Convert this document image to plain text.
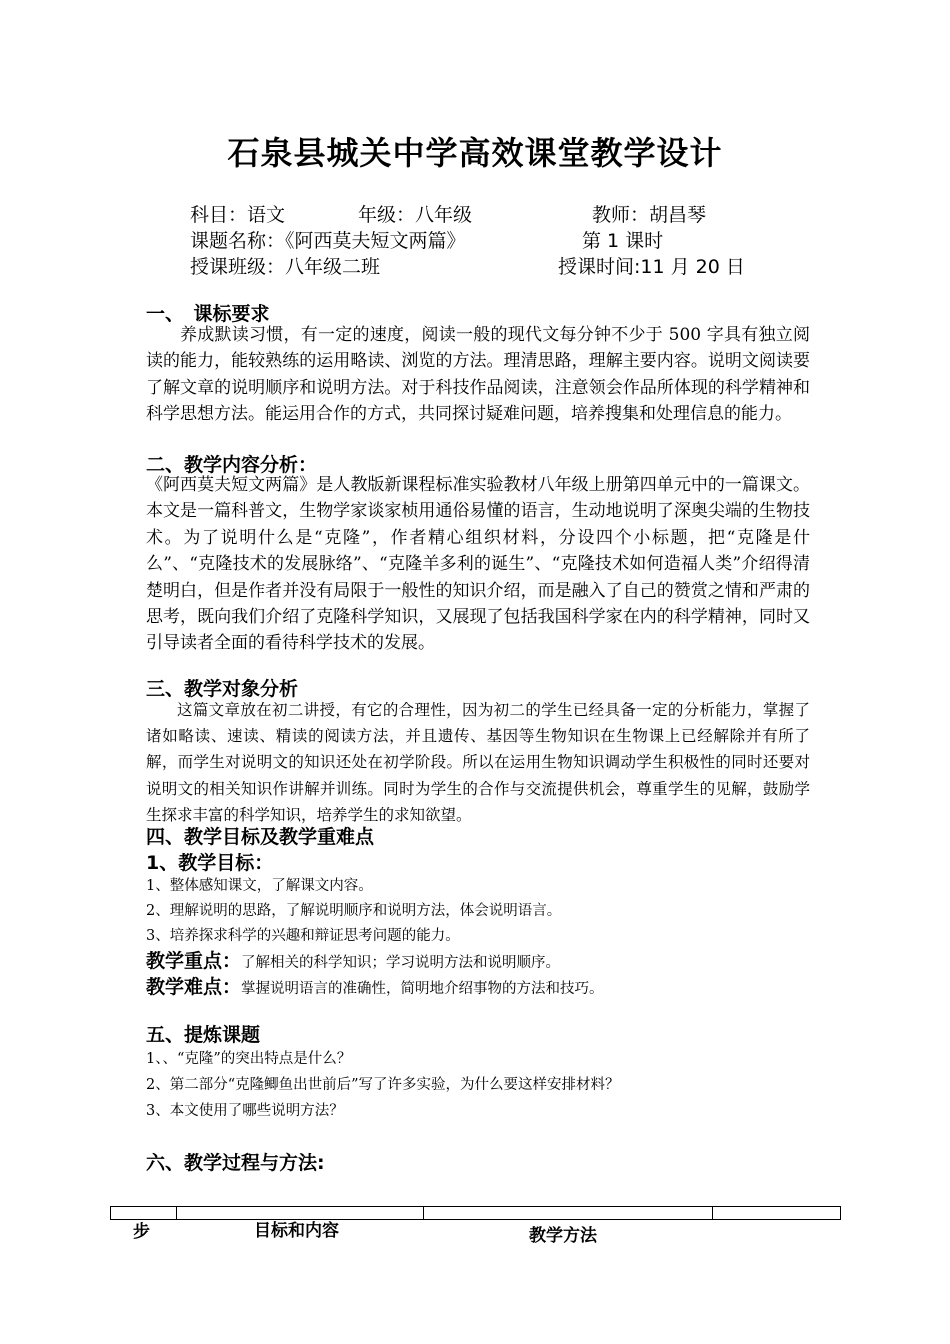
石泉县城关中学高效课堂教学设计
科目：语文	年级：八年级	教师：胡昌琴
课题名称：《阿西莫夫短文两篇》	第 1 课时
授课班级：八年级二班	授课时间:11 月 20 日
一、　课标要求
养成默读习惯，有一定的速度，阅读一般的现代文每分钟不少于 500 字具有独立阅读的能力，能较熟练的运用略读、浏览的方法。理清思路，理解主要内容。说明文阅读要了解文章的说明顺序和说明方法。对于科技作品阅读，注意领会作品所体现的科学精神和科学思想方法。能运用合作的方式，共同探讨疑难问题，培养搜集和处理信息的能力。
二、教学内容分析：
《阿西莫夫短文两篇》是人教版新课程标准实验教材八年级上册第四单元中的一篇课文。本文是一篇科普文，生物学家谈家桢用通俗易懂的语言，生动地说明了深奥尖端的生物技术。为了说明什么是“克隆”，作者精心组织材料，分设四个小标题，把“克隆是什么”、“克隆技术的发展脉络”、“克隆羊多利的诞生”、“克隆技术如何造福人类”介绍得清楚明白，但是作者并没有局限于一般性的知识介绍，而是融入了自己的赞赏之情和严肃的思考，既向我们介绍了克隆科学知识，又展现了包括我国科学家在内的科学精神，同时又引导读者全面的看待科学技术的发展。
三、教学对象分析
这篇文章放在初二讲授，有它的合理性，因为初二的学生已经具备一定的分析能力，掌握了诸如略读、速读、精读的阅读方法，并且遗传、基因等生物知识在生物课上已经解除并有所了解，而学生对说明文的知识还处在初学阶段。所以在运用生物知识调动学生积极性的同时还要对说明文的相关知识作讲解并训练。同时为学生的合作与交流提供机会，尊重学生的见解，鼓励学生探求丰富的科学知识，培养学生的求知欲望。
四、教学目标及教学重难点
1、教学目标：
1、整体感知课文，了解课文内容。
2、理解说明的思路，了解说明顺序和说明方法，体会说明语言。
3、培养探求科学的兴趣和辩证思考问题的能力。
教学重点：了解相关的科学知识；学习说明方法和说明顺序。
教学难点：掌握说明语言的准确性，简明地介绍事物的方法和技巧。
五、提炼课题
1、、“克隆”的突出特点是什么？
2、第二部分“克隆鲫鱼出世前后”写了许多实验，为什么要这样安排材料？
3、本文使用了哪些说明方法？
六、教学过程与方法:

步	目标和内容	教学方法
